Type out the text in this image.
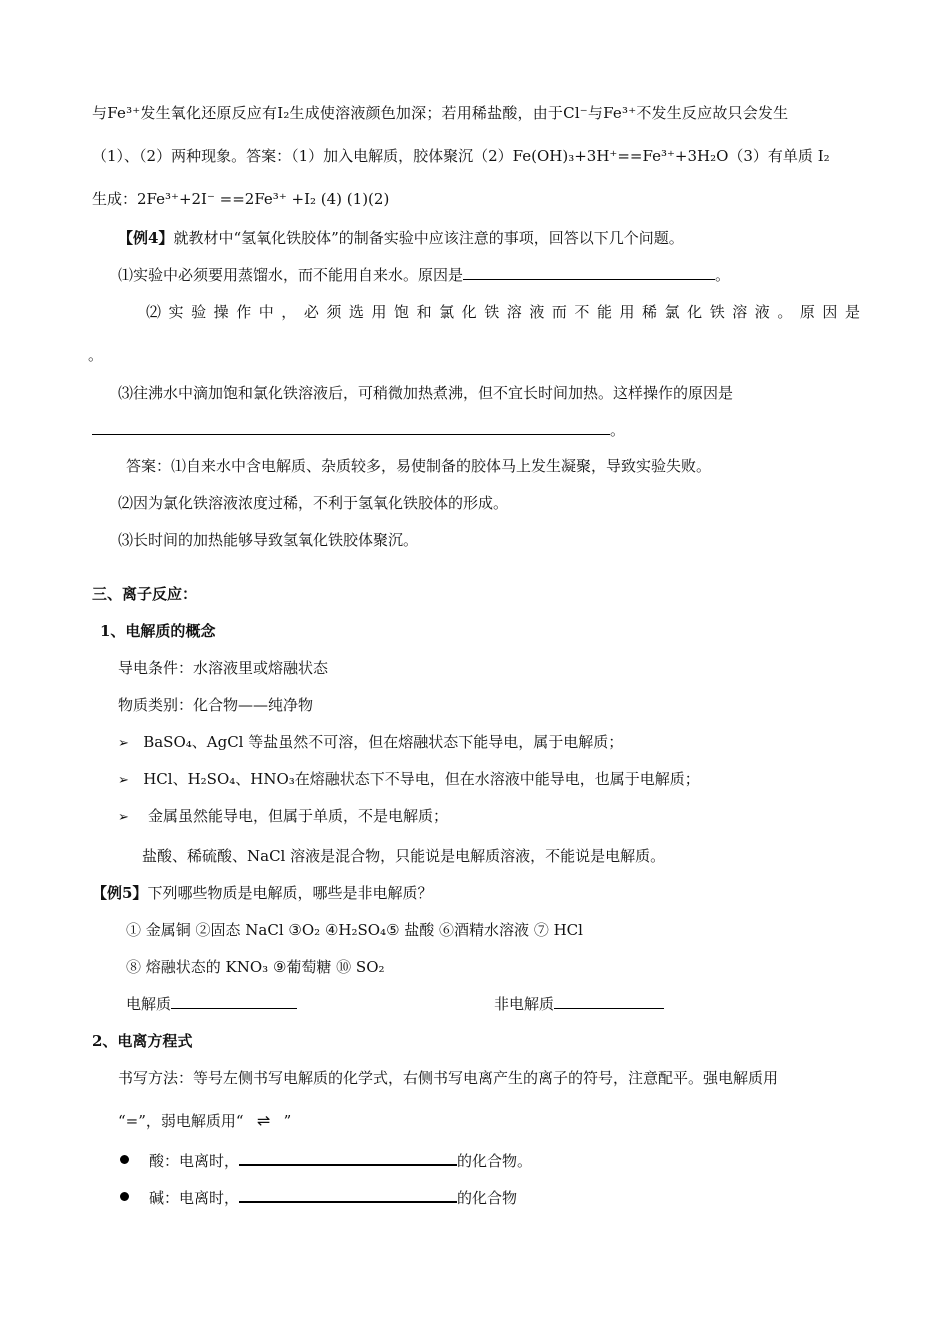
与Fe³⁺发生氧化还原反应有I₂生成使溶液颜色加深；若用稀盐酸，由于Cl⁻与Fe³⁺不发生反应故只会发生
（1）、（2）两种现象。答案：（1）加入电解质，胶体聚沉（2）Fe(OH)₃+3H⁺==Fe³⁺+3H₂O（3）有单质 I₂
生成：2Fe³⁺+2I⁻ ==2Fe³⁺ +I₂ (4) (1)(2)
【例4】就教材中“氢氧化铁胶体”的制备实验中应该注意的事项，回答以下几个问题。
⑴实验中必须要用蒸馏水，而不能用自来水。原因是	。
⑵ 实 验 操 作 中 ， 必 须 选 用 饱 和 氯 化 铁 溶 液 而 不 能 用 稀 氯 化 铁 溶 液 。 原 因 是
。
⑶往沸水中滴加饱和氯化铁溶液后，可稍微加热煮沸，但不宜长时间加热。这样操作的原因是
。
答案：⑴自来水中含电解质、杂质较多，易使制备的胶体马上发生凝聚，导致实验失败。
⑵因为氯化铁溶液浓度过稀，不利于氢氧化铁胶体的形成。
⑶长时间的加热能够导致氢氧化铁胶体聚沉。
三、离子反应：
1、电解质的概念
导电条件：水溶液里或熔融状态
物质类别：化合物——纯净物
➢ BaSO₄、AgCl 等盐虽然不可溶，但在熔融状态下能导电，属于电解质；
➢ HCl、H₂SO₄、HNO₃在熔融状态下不导电，但在水溶液中能导电，也属于电解质；
➢ 金属虽然能导电，但属于单质，不是电解质；
盐酸、稀硫酸、NaCl 溶液是混合物，只能说是电解质溶液，不能说是电解质。
【例5】下列哪些物质是电解质，哪些是非电解质？
① 金属铜 ②固态 NaCl ③O₂ ④H₂SO₄⑤ 盐酸 ⑥酒精水溶液 ⑦ HCl
⑧ 熔融状态的 KNO₃ ⑨葡萄糖 ⑩ SO₂
电解质	非电解质
2、电离方程式
书写方法：等号左侧书写电解质的化学式，右侧书写电离产生的离子的符号，注意配平。强电解质用
“=”，弱电解质用“ ⇌ ”
酸：电离时，	的化合物。
碱：电离时，	的化合物
